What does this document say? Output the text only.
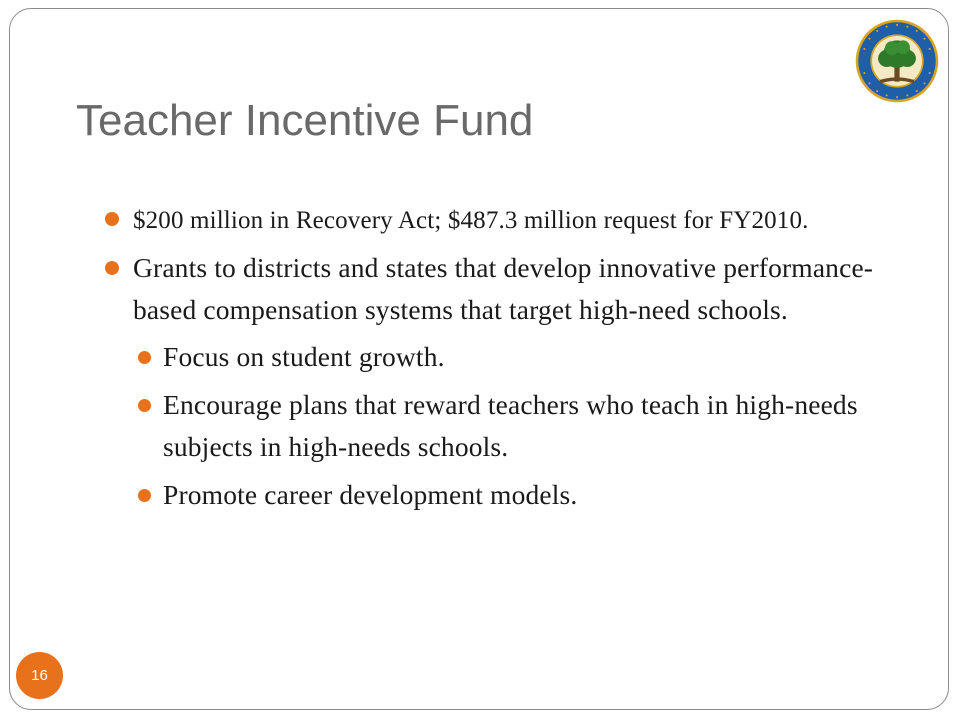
Teacher Incentive Fund
$200 million in Recovery Act; $487.3 million request for FY2010.
Grants to districts and states that develop innovative performance-based compensation systems that target high-need schools.
Focus on student growth.
Encourage plans that reward teachers who teach in high-needs subjects in high-needs schools.
Promote career development models.
16
